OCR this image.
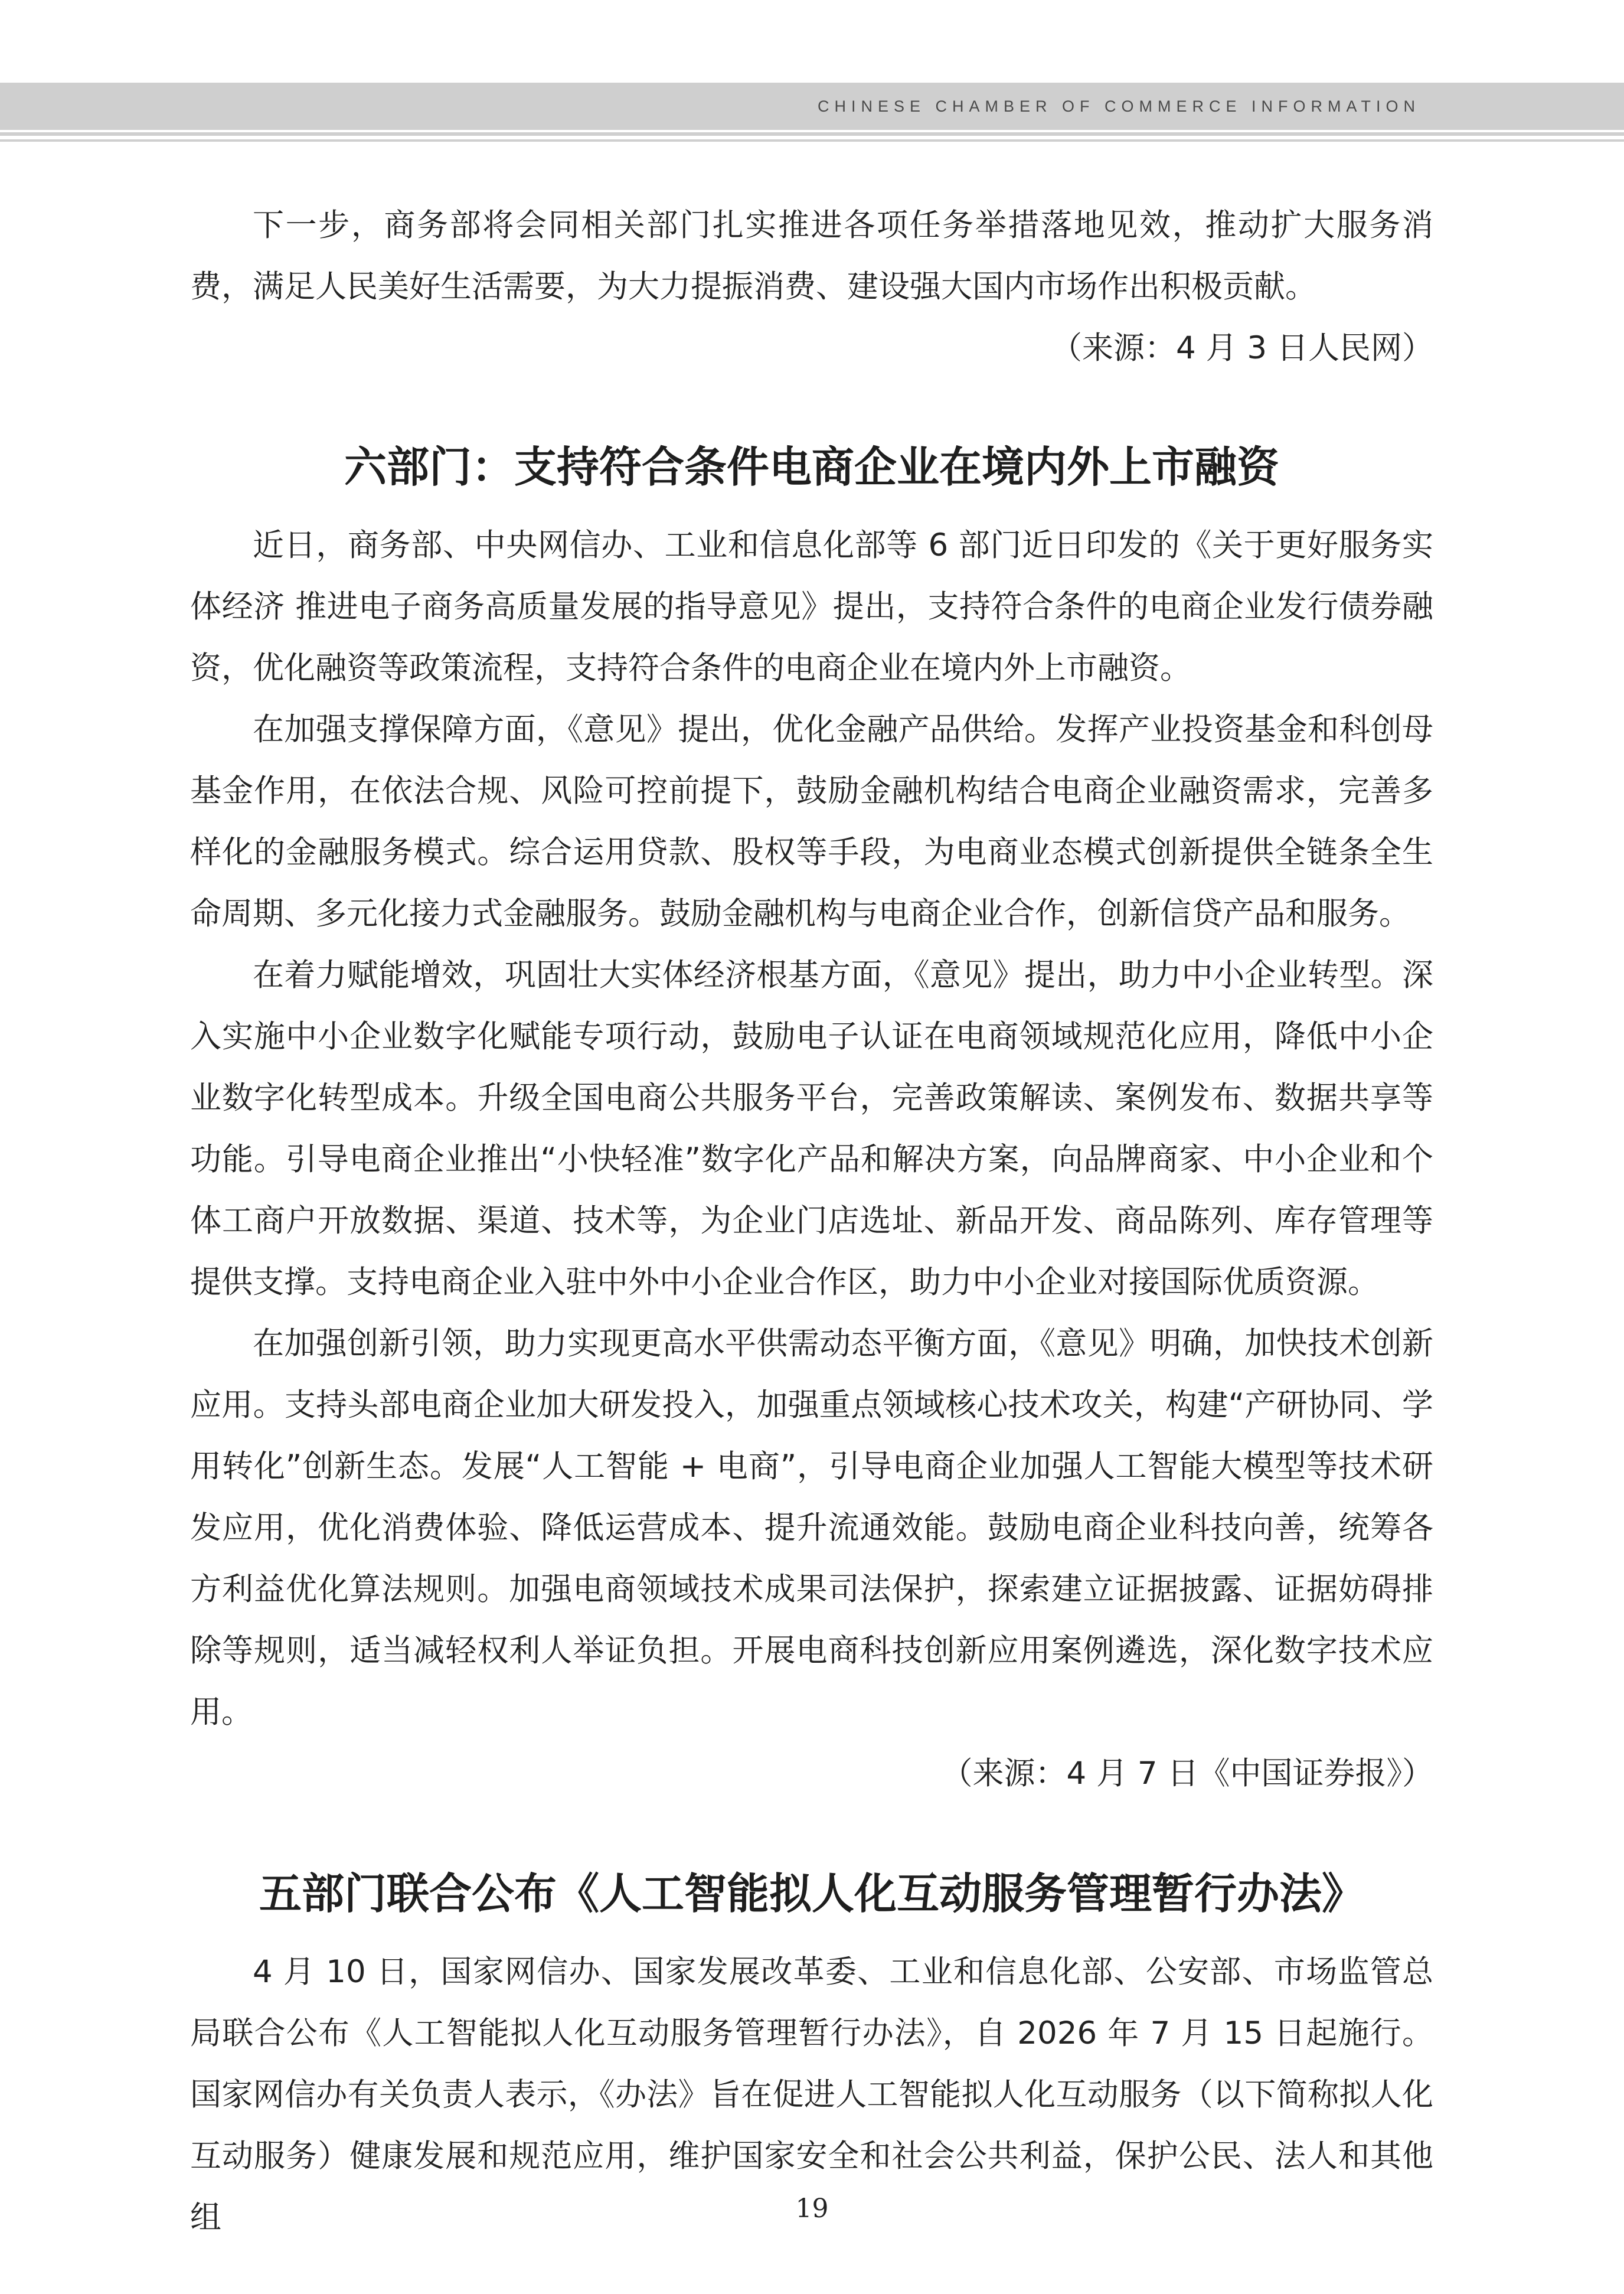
CHINESE CHAMBER OF COMMERCE INFORMATION

下一步，商务部将会同相关部门扎实推进各项任务举措落地见效，推动扩大服务消费，满足人民美好生活需要，为大力提振消费、建设强大国内市场作出积极贡献。

（来源：4 月 3 日人民网）

六部门：支持符合条件电商企业在境内外上市融资

近日，商务部、中央网信办、工业和信息化部等 6 部门近日印发的《关于更好服务实体经济 推进电子商务高质量发展的指导意见》提出，支持符合条件的电商企业发行债券融资，优化融资等政策流程，支持符合条件的电商企业在境内外上市融资。

在加强支撑保障方面，《意见》提出，优化金融产品供给。发挥产业投资基金和科创母基金作用，在依法合规、风险可控前提下，鼓励金融机构结合电商企业融资需求，完善多样化的金融服务模式。综合运用贷款、股权等手段，为电商业态模式创新提供全链条全生命周期、多元化接力式金融服务。鼓励金融机构与电商企业合作，创新信贷产品和服务。

在着力赋能增效，巩固壮大实体经济根基方面，《意见》提出，助力中小企业转型。深入实施中小企业数字化赋能专项行动，鼓励电子认证在电商领域规范化应用，降低中小企业数字化转型成本。升级全国电商公共服务平台，完善政策解读、案例发布、数据共享等功能。引导电商企业推出“小快轻准”数字化产品和解决方案，向品牌商家、中小企业和个体工商户开放数据、渠道、技术等，为企业门店选址、新品开发、商品陈列、库存管理等提供支撑。支持电商企业入驻中外中小企业合作区，助力中小企业对接国际优质资源。

在加强创新引领，助力实现更高水平供需动态平衡方面，《意见》明确，加快技术创新应用。支持头部电商企业加大研发投入，加强重点领域核心技术攻关，构建“产研协同、学用转化”创新生态。发展“人工智能 + 电商”，引导电商企业加强人工智能大模型等技术研发应用，优化消费体验、降低运营成本、提升流通效能。鼓励电商企业科技向善，统筹各方利益优化算法规则。加强电商领域技术成果司法保护，探索建立证据披露、证据妨碍排除等规则，适当减轻权利人举证负担。开展电商科技创新应用案例遴选，深化数字技术应用。

（来源：4 月 7 日《中国证券报》）

五部门联合公布《人工智能拟人化互动服务管理暂行办法》

4 月 10 日，国家网信办、国家发展改革委、工业和信息化部、公安部、市场监管总局联合公布《人工智能拟人化互动服务管理暂行办法》，自 2026 年 7 月 15 日起施行。国家网信办有关负责人表示，《办法》旨在促进人工智能拟人化互动服务（以下简称拟人化互动服务）健康发展和规范应用，维护国家安全和社会公共利益，保护公民、法人和其他组	19
